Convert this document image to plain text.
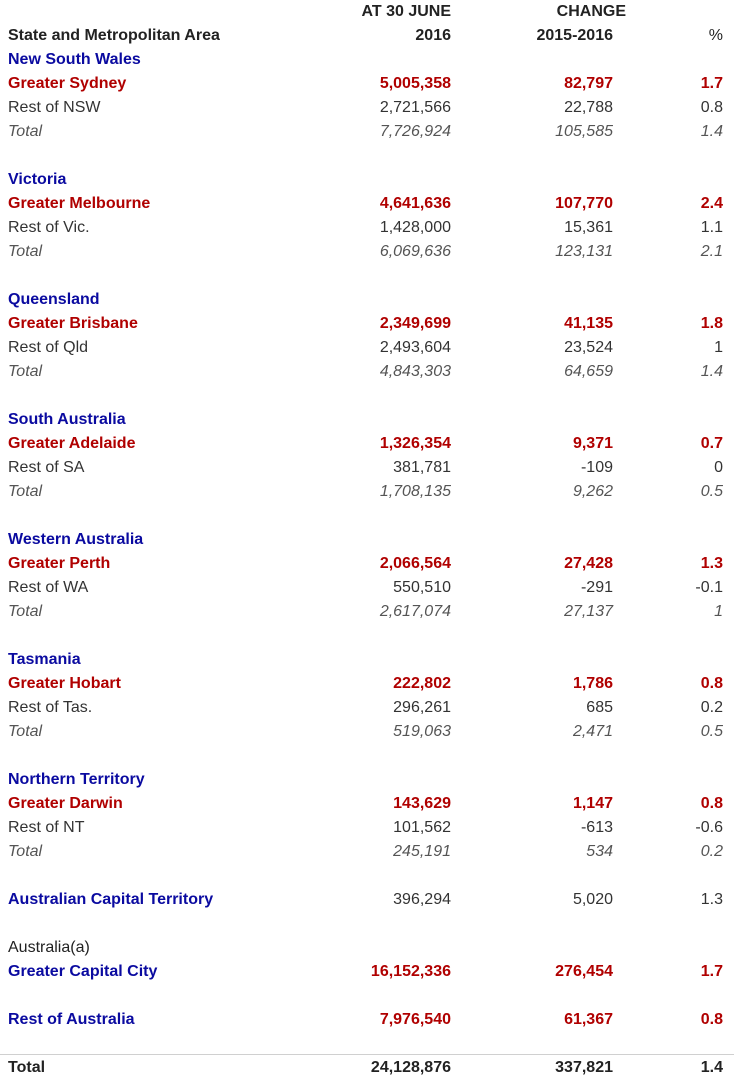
AT 30 JUNE	CHANGE
State and Metropolitan Area	2016	2015-2016	%
New South Wales
Greater Sydney	5,005,358	82,797	1.7
Rest of NSW	2,721,566	22,788	0.8
Total	7,726,924	105,585	1.4
Victoria
Greater Melbourne	4,641,636	107,770	2.4
Rest of Vic.	1,428,000	15,361	1.1
Total	6,069,636	123,131	2.1
Queensland
Greater Brisbane	2,349,699	41,135	1.8
Rest of Qld	2,493,604	23,524	1
Total	4,843,303	64,659	1.4
South Australia
Greater Adelaide	1,326,354	9,371	0.7
Rest of SA	381,781	-109	0
Total	1,708,135	9,262	0.5
Western Australia
Greater Perth	2,066,564	27,428	1.3
Rest of WA	550,510	-291	-0.1
Total	2,617,074	27,137	1
Tasmania
Greater Hobart	222,802	1,786	0.8
Rest of Tas.	296,261	685	0.2
Total	519,063	2,471	0.5
Northern Territory
Greater Darwin	143,629	1,147	0.8
Rest of NT	101,562	-613	-0.6
Total	245,191	534	0.2
Australian Capital Territory	396,294	5,020	1.3
Australia(a)
Greater Capital City	16,152,336	276,454	1.7
Rest of Australia	7,976,540	61,367	0.8
Total	24,128,876	337,821	1.4
